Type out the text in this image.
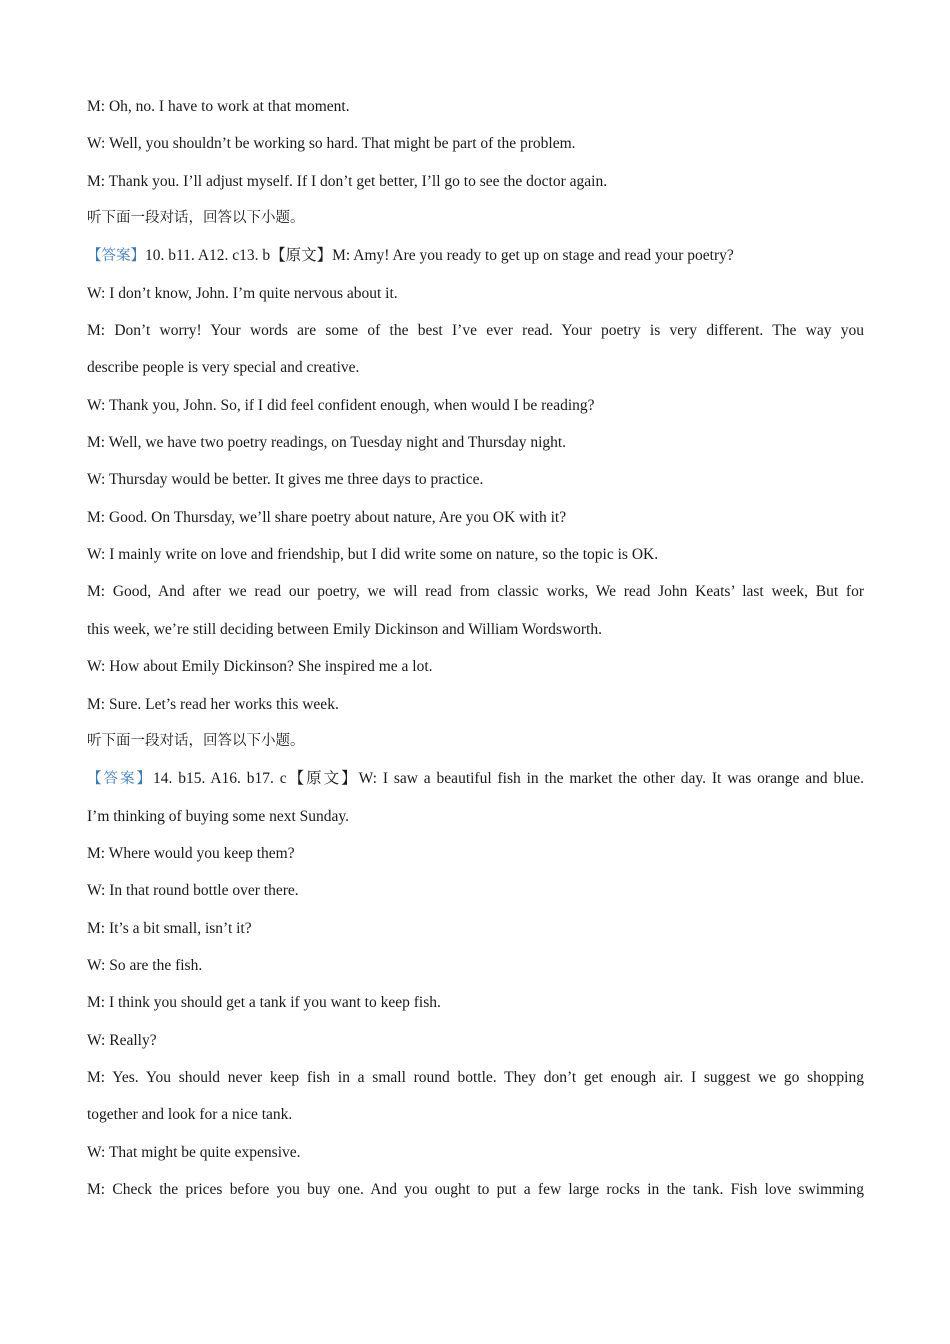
M: Oh, no. I have to work at that moment.
W: Well, you shouldn’t be working so hard. That might be part of the problem.
M: Thank you. I’ll adjust myself. If I don’t get better, I’ll go to see the doctor again.
听下面一段对话，回答以下小题。
【答案】10. b11. A12. c13. b【原文】M: Amy! Are you ready to get up on stage and read your poetry?
W: I don’t know, John. I’m quite nervous about it.
M: Don’t worry! Your words are some of the best I’ve ever read. Your poetry is very different. The way you
describe people is very special and creative.
W: Thank you, John. So, if I did feel confident enough, when would I be reading?
M: Well, we have two poetry readings, on Tuesday night and Thursday night.
W: Thursday would be better. It gives me three days to practice.
M: Good. On Thursday, we’ll share poetry about nature, Are you OK with it?
W: I mainly write on love and friendship, but I did write some on nature, so the topic is OK.
M: Good, And after we read our poetry, we will read from classic works, We read John Keats’ last week, But for
this week, we’re still deciding between Emily Dickinson and William Wordsworth.
W: How about Emily Dickinson? She inspired me a lot.
M: Sure. Let’s read her works this week.
听下面一段对话，回答以下小题。
【答案】14. b15. A16. b17. c【原文】W: I saw a beautiful fish in the market the other day. It was orange and blue.
I’m thinking of buying some next Sunday.
M: Where would you keep them?
W: In that round bottle over there.
M: It’s a bit small, isn’t it?
W: So are the fish.
M: I think you should get a tank if you want to keep fish.
W: Really?
M: Yes. You should never keep fish in a small round bottle. They don’t get enough air. I suggest we go shopping
together and look for a nice tank.
W: That might be quite expensive.
M: Check the prices before you buy one. And you ought to put a few large rocks in the tank. Fish love swimming
